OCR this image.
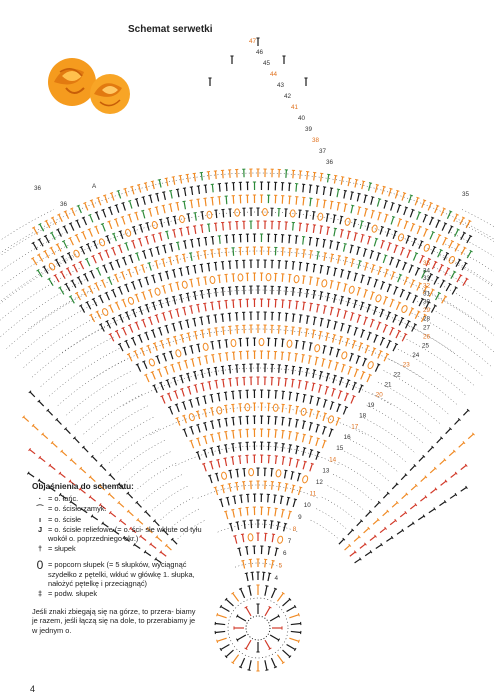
Schemat serwetki
4
5
6
7
8
9
10
11
12
13
14
15
16
17
18
19
20
21
22
23
24
25
26
27
28
29
30
31
32
33
34
35
36
37
38
39
40
41
42
43
44
45
46
47
36
36
35
A
Objaśnienia do schematu:
· = o. łańc.
⌒ = o. ścisłe zamyk.
ı = o. ścisłe
J = o. ścisłe reliefowe (= o. ści- słe wkłute od tyłu wokół o. poprzedniego okr.)
† = słupek
0 = popcorn słupek (= 5 słupków, wyciągnąć szydełko z pętelki, wkłuć w główkę 1. słupka, nałożyć pętelkę i przeciągnąć)
‡ = podw. słupek
Jeśli znaki zbiegają się na górze, to przera- biamy je razem, jeśli łączą się na dole, to przerabiamy je w jednym o.
4
